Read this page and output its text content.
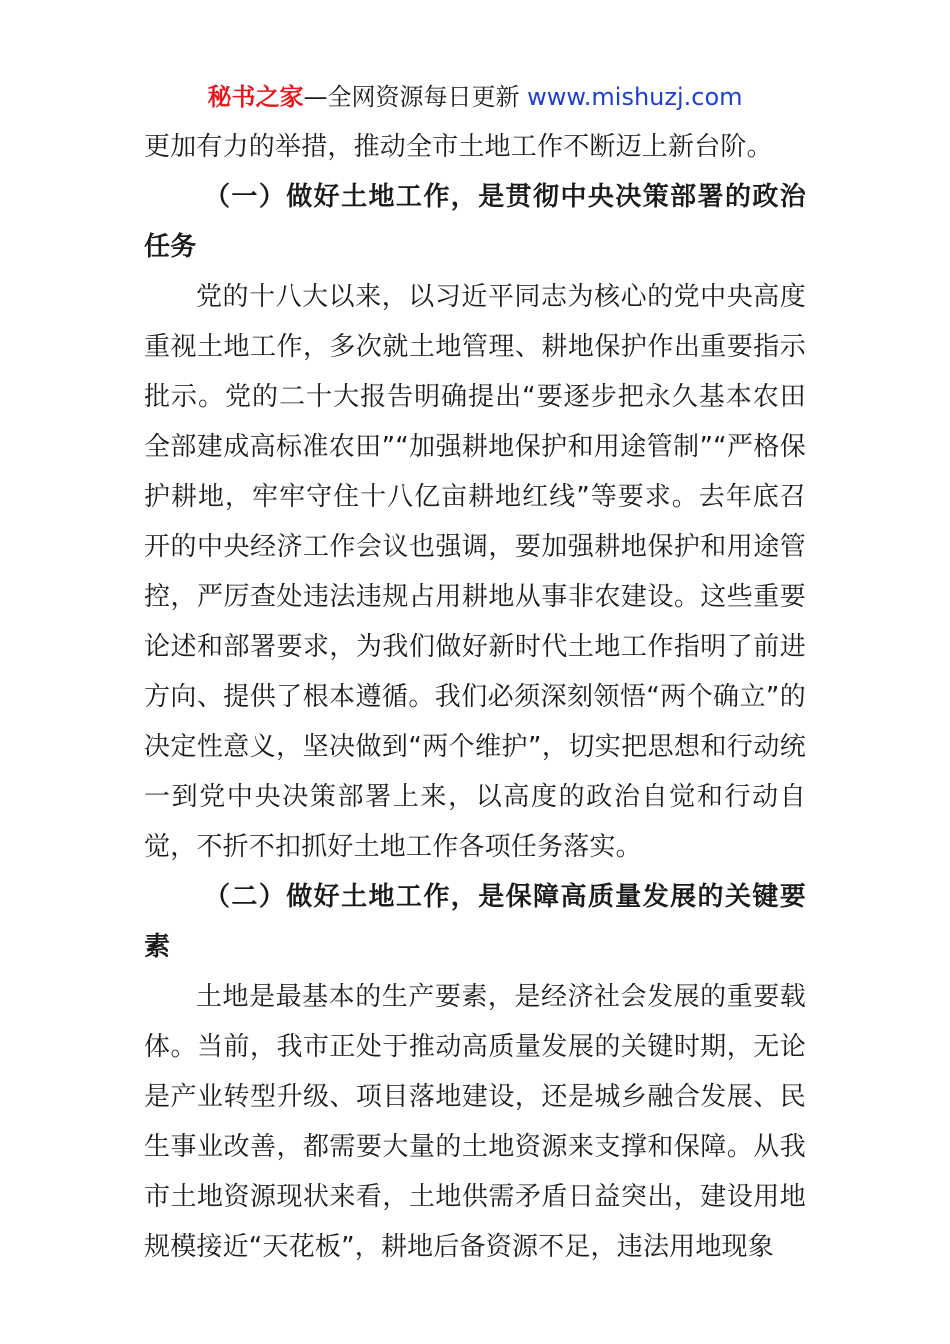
秘书之家—全网资源每日更新 www.mishuzj.com

更加有力的举措，推动全市土地工作不断迈上新台阶。

（一）做好土地工作，是贯彻中央决策部署的政治任务

党的十八大以来，以习近平同志为核心的党中央高度重视土地工作，多次就土地管理、耕地保护作出重要指示批示。党的二十大报告明确提出“要逐步把永久基本农田全部建成高标准农田”“加强耕地保护和用途管制”“严格保护耕地，牢牢守住十八亿亩耕地红线”等要求。去年底召开的中央经济工作会议也强调，要加强耕地保护和用途管控，严厉查处违法违规占用耕地从事非农建设。这些重要论述和部署要求，为我们做好新时代土地工作指明了前进方向、提供了根本遵循。我们必须深刻领悟“两个确立”的决定性意义，坚决做到“两个维护”，切实把思想和行动统一到党中央决策部署上来，以高度的政治自觉和行动自觉，不折不扣抓好土地工作各项任务落实。

（二）做好土地工作，是保障高质量发展的关键要素

土地是最基本的生产要素，是经济社会发展的重要载体。当前，我市正处于推动高质量发展的关键时期，无论是产业转型升级、项目落地建设，还是城乡融合发展、民生事业改善，都需要大量的土地资源来支撑和保障。从我市土地资源现状来看，土地供需矛盾日益突出，建设用地规模接近“天花板”，耕地后备资源不足，违法用地现象
